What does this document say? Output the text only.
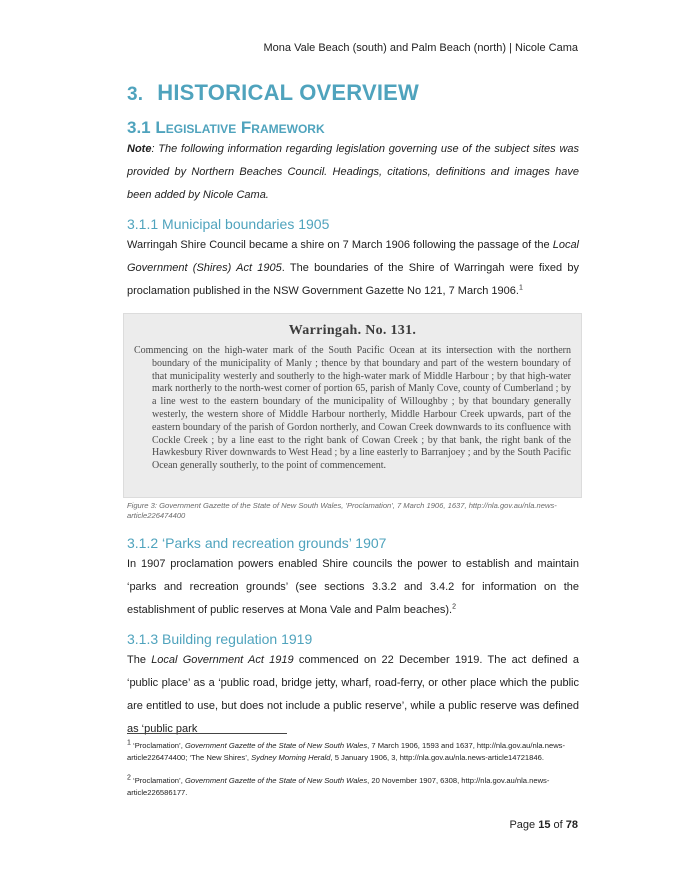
Mona Vale Beach (south) and Palm Beach (north) | Nicole Cama
3. HISTORICAL OVERVIEW
3.1 Legislative Framework
Note: The following information regarding legislation governing use of the subject sites was provided by Northern Beaches Council. Headings, citations, definitions and images have been added by Nicole Cama.
3.1.1 Municipal boundaries 1905
Warringah Shire Council became a shire on 7 March 1906 following the passage of the Local Government (Shires) Act 1905. The boundaries of the Shire of Warringah were fixed by proclamation published in the NSW Government Gazette No 121, 7 March 1906.$^1$
Warringah. No. 131.
Commencing on the high-water mark of the South Pacific Ocean at its intersection with the northern boundary of the municipality of Manly ; thence by that boundary and part of the western boundary of that municipality westerly and southerly to the high-water mark of Middle Harbour ; by that high-water mark northerly to the north-west corner of portion 65, parish of Manly Cove, county of Cumberland ; by a line west to the eastern boundary of the municipality of Willoughby ; by that boundary generally westerly, the western shore of Middle Harbour northerly, Middle Harbour Creek upwards, part of the eastern boundary of the parish of Gordon northerly, and Cowan Creek downwards to its confluence with Cockle Creek ; by a line east to the right bank of Cowan Creek ; by that bank, the right bank of the Hawkesbury River downwards to West Head ; by a line easterly to Barranjoey ; and by the South Pacific Ocean generally southerly, to the point of commencement.
Figure 3: Government Gazette of the State of New South Wales, 'Proclamation', 7 March 1906, 1637, http://nla.gov.au/nla.news-article226474400
3.1.2 ‘Parks and recreation grounds’ 1907
In 1907 proclamation powers enabled Shire councils the power to establish and maintain ‘parks and recreation grounds’ (see sections 3.3.2 and 3.4.2 for information on the establishment of public reserves at Mona Vale and Palm beaches).$^2$
3.1.3 Building regulation 1919
The Local Government Act 1919 commenced on 22 December 1919. The act defined a ‘public place’ as a ‘public road, bridge jetty, wharf, road-ferry, or other place which the public are entitled to use, but does not include a public reserve’, while a public reserve was defined as ‘public park
$^1$ ‘Proclamation’, Government Gazette of the State of New South Wales, 7 March 1906, 1593 and 1637, http://nla.gov.au/nla.news-article226474400; ‘The New Shires’, Sydney Morning Herald, 5 January 1906, 3, http://nla.gov.au/nla.news-article14721846.
$^2$ ‘Proclamation’, Government Gazette of the State of New South Wales, 20 November 1907, 6308, http://nla.gov.au/nla.news-article226586177.
Page 15 of 78
